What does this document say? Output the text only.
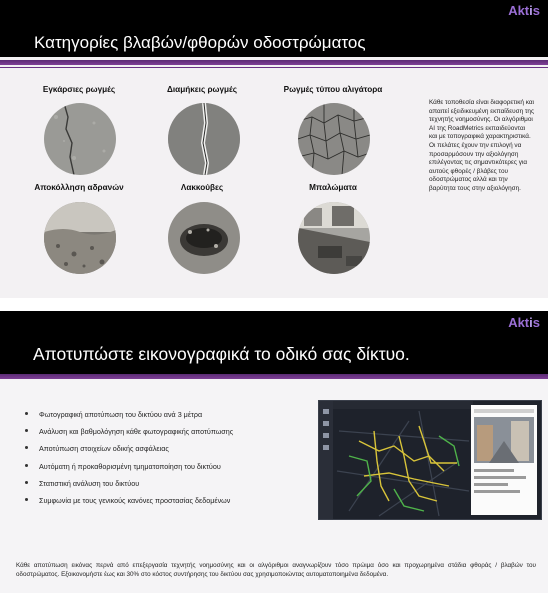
Aktis
Κατηγορίες βλαβών/φθορών οδοστρώματος
Εγκάρσιες ρωγμές	Διαμήκεις ρωγμές	Ρωγμές τύπου αλιγάτορα
Αποκόλληση αδρανών	Λακκούβες	Μπαλώματα
Κάθε τοποθεσία είναι διαφορετική και απαιτεί εξειδικευμένη εκπαίδευση της τεχνητής νοημοσύνης. Οι αλγόριθμοι AI της RoadMetrics εκπαιδεύονται και με τοπογραφικά χαρακτηριστικά. Οι πελάτες έχουν την επιλογή να προσαρμόσουν την αξιολόγηση επιλέγοντας τις σημαντικότερες για αυτούς φθορές / βλάβες του οδοστρώματος αλλά και την βαρύτητα τους στην αξιολόγηση.
Aktis
Αποτυπώστε εικονογραφικά το οδικό σας δίκτυο.
Φωτογραφική αποτύπωση του δικτύου ανά 3 μέτρα
Ανάλυση και βαθμολόγηση κάθε φωτογραφικής αποτύπωσης
Αποτύπωση στοιχείων οδικής ασφάλειας
Αυτόματη ή προκαθορισμένη τμηματοποίηση του δικτύου
Στατιστική ανάλυση του δικτύου
Συμφωνία με τους γενικούς κανόνες προστασίας δεδομένων
Κάθε αποτύπωση εικόνας περνά από επεξεργασία τεχνητής νοημοσύνης και οι αλγόριθμοι αναγνωρίζουν τόσο πρώιμα όσο και προχωρημένα στάδια φθοράς / βλαβών του οδοστρώματος. Εξοικονομήστε έως και 30% στο κόστος συντήρησης του δικτύου σας χρησιμοποιώντας αυτοματοποιημένα δεδομένα.
